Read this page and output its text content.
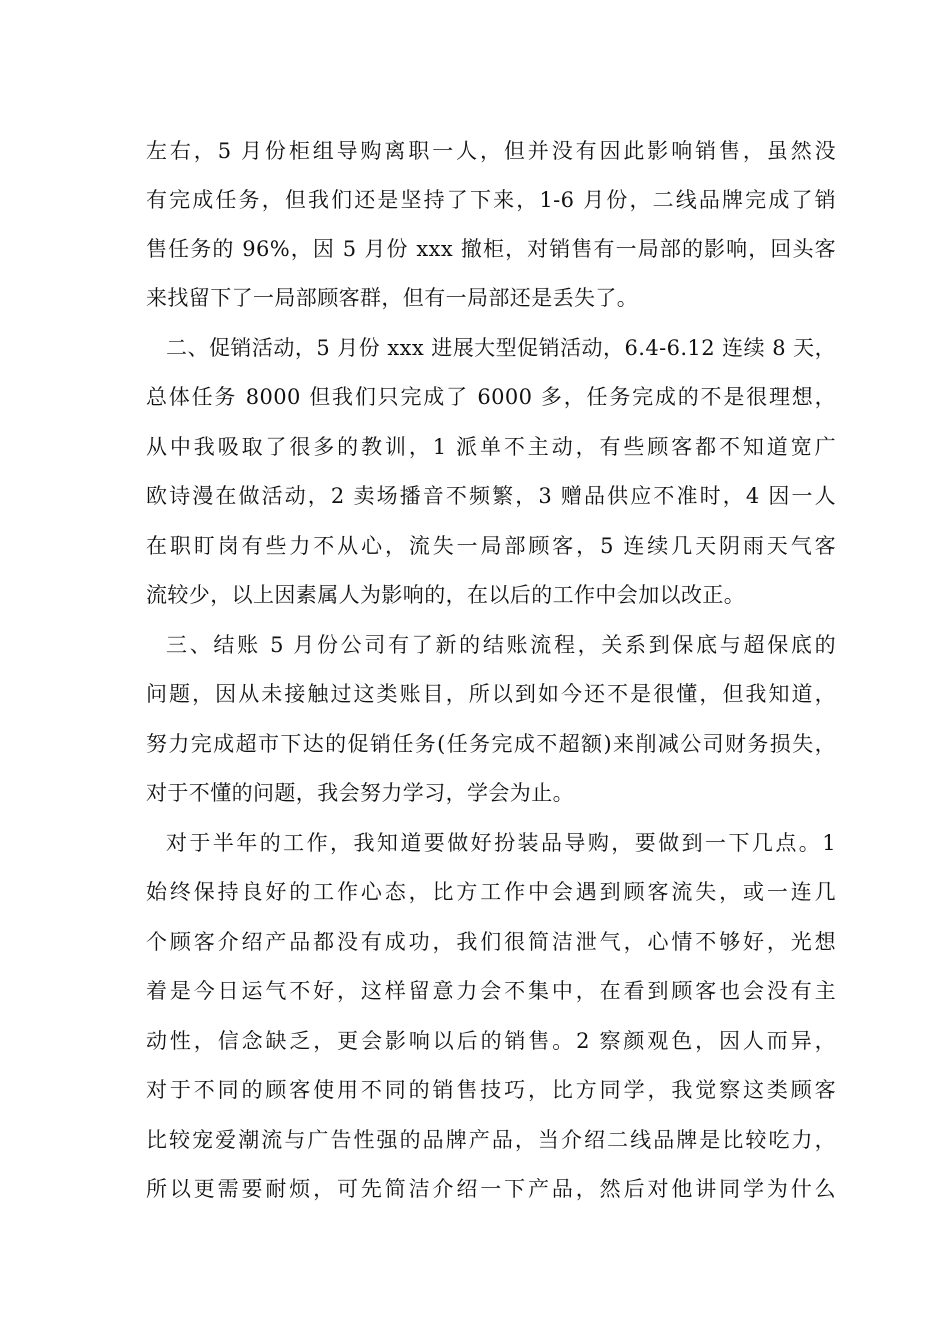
左右，5 月份柜组导购离职一人，但并没有因此影响销售，虽然没
有完成任务，但我们还是坚持了下来，1-6 月份，二线品牌完成了销
售任务的 96%，因 5 月份 xxx 撤柜，对销售有一局部的影响，回头客
来找留下了一局部顾客群，但有一局部还是丢失了。
二、促销活动，5 月份 xxx 进展大型促销活动，6.4-6.12 连续 8 天，
总体任务 8000 但我们只完成了 6000 多，任务完成的不是很理想，
从中我吸取了很多的教训，1 派单不主动，有些顾客都不知道宽广
欧诗漫在做活动，2 卖场播音不频繁，3 赠品供应不准时，4 因一人
在职盯岗有些力不从心，流失一局部顾客，5 连续几天阴雨天气客
流较少，以上因素属人为影响的，在以后的工作中会加以改正。
三、结账 5 月份公司有了新的结账流程，关系到保底与超保底的
问题，因从未接触过这类账目，所以到如今还不是很懂，但我知道，
努力完成超市下达的促销任务(任务完成不超额)来削减公司财务损失，
对于不懂的问题，我会努力学习，学会为止。
对于半年的工作，我知道要做好扮装品导购，要做到一下几点。1
始终保持良好的工作心态，比方工作中会遇到顾客流失，或一连几
个顾客介绍产品都没有成功，我们很简洁泄气，心情不够好，光想
着是今日运气不好，这样留意力会不集中，在看到顾客也会没有主
动性，信念缺乏，更会影响以后的销售。2 察颜观色，因人而异，
对于不同的顾客使用不同的销售技巧，比方同学，我觉察这类顾客
比较宠爱潮流与广告性强的品牌产品，当介绍二线品牌是比较吃力，
所以更需要耐烦，可先简洁介绍一下产品，然后对他讲同学为什么
